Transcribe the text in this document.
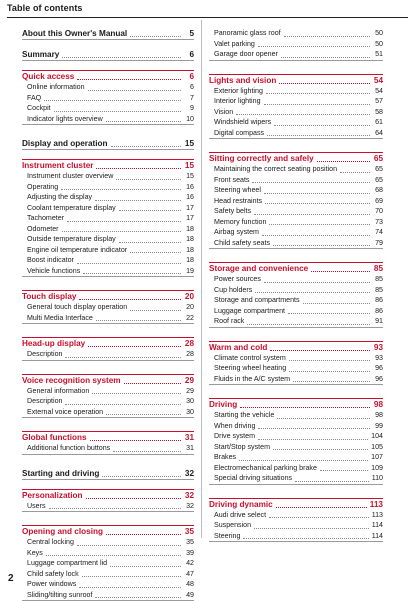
Table of contents
About this Owner's Manual	5
Summary	6
Quick access	6
Online information	6
FAQ	7
Cockpit	9
Indicator lights overview	10
Display and operation	15
Instrument cluster	15
Instrument cluster overview	15
Operating	16
Adjusting the display	16
Coolant temperature display	17
Tachometer	17
Odometer	18
Outside temperature display	18
Engine oil temperature indicator	18
Boost indicator	18
Vehicle functions	19
Touch display	20
General touch display operation	20
Multi Media Interface	22
Head-up display	28
Description	28
Voice recognition system	29
General information	29
Description	30
External voice operation	30
Global functions	31
Additional function buttons	31
Starting and driving	32
Personalization	32
Users	32
Opening and closing	35
Central locking	35
Keys	39
Luggage compartment lid	42
Child safety lock	47
Power windows	48
Sliding/tilting sunroof	49
Panoramic glass roof	50
Valet parking	50
Garage door opener	51
Lights and vision	54
Exterior lighting	54
Interior lighting	57
Vision	58
Windshield wipers	61
Digital compass	64
Sitting correctly and safely	65
Maintaining the correct seating position	65
Front seats	65
Steering wheel	68
Head restraints	69
Safety belts	70
Memory function	73
Airbag system	74
Child safety seats	79
Storage and convenience	85
Power sources	85
Cup holders	85
Storage and compartments	86
Luggage compartment	86
Roof rack	91
Warm and cold	93
Climate control system	93
Steering wheel heating	96
Fluids in the A/C system	96
Driving	98
Starting the vehicle	98
When driving	99
Drive system	104
Start/Stop system	105
Brakes	107
Electromechanical parking brake	109
Special driving situations	110
Driving dynamic	113
Audi drive select	113
Suspension	114
Steering	114
2
